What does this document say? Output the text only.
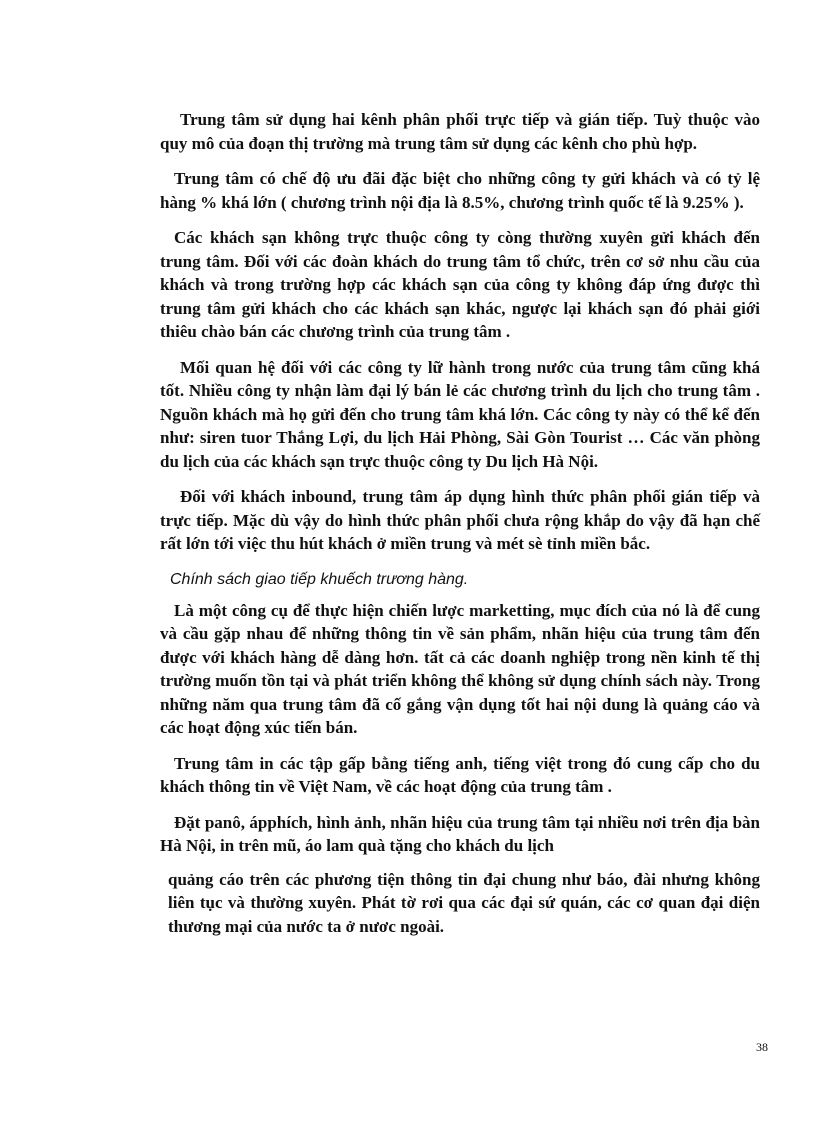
Trung tâm sử dụng hai kênh phân phối trực tiếp và gián tiếp. Tuỳ thuộc vào quy mô của đoạn thị trường mà trung tâm sử dụng các kênh cho phù hợp.

Trung tâm có chế độ ưu đãi đặc biệt cho những công ty gửi khách và có tỷ lệ hàng % khá lớn ( chương trình nội địa là 8.5%, chương trình quốc tế là 9.25% ).

Các khách sạn không trực thuộc công ty còng thường xuyên gửi khách đến trung tâm. Đối với các đoàn khách do trung tâm tổ chức, trên cơ sở nhu cầu của khách và trong trường hợp các khách sạn của công ty không đáp ứng được thì trung tâm gửi khách cho các khách sạn khác, ngược lại khách sạn đó phải giới thiêu chào bán các chương trình của trung tâm .

Mối quan hệ đối với các công ty lữ hành trong nước của trung tâm cũng khá tốt. Nhiều công ty nhận làm đại lý bán lẻ các chương trình du lịch cho trung tâm . Nguồn khách mà họ gửi đến cho trung tâm khá lớn. Các công ty này có thể kể đến như: siren tuor Thắng Lợi, du lịch Hải Phòng, Sài Gòn Tourist … Các văn phòng du lịch của các khách sạn trực thuộc công ty Du lịch Hà Nội.

Đối với khách inbound, trung tâm áp dụng hình thức phân phối gián tiếp và trực tiếp. Mặc dù vậy do hình thức phân phối chưa rộng khắp do vậy đã hạn chế rất lớn tới việc thu hút khách ở miền trung và mét sè tỉnh miền bắc.

Chính sách giao tiếp khuếch trương hàng.

Là một công cụ để thực hiện chiến lược marketting, mục đích của nó là để cung và cầu gặp nhau để những thông tin về sản phẩm, nhãn hiệu của trung tâm đến được với khách hàng dễ dàng hơn. tất cả các doanh nghiệp trong nền kinh tế thị trường muốn tồn tại và phát triển không thể không sử dụng chính sách này. Trong những năm qua trung tâm đã cố gắng vận dụng tốt hai nội dung là quảng cáo và các hoạt động xúc tiến bán.

Trung tâm in các tập gấp bằng tiếng anh, tiếng việt trong đó cung cấp cho du khách thông tin về Việt Nam, về các hoạt động của trung tâm .

Đặt panô, ápphích, hình ảnh, nhãn hiệu của trung tâm tại nhiều nơi trên địa bàn Hà Nội, in trên mũ, áo lam quà tặng cho khách du lịch

quảng cáo trên các phương tiện thông tin đại chung như báo, đài nhưng không liên tục và thường xuyên. Phát tờ rơi qua các đại sứ quán, các cơ quan đại diện thương mại của nước ta ở nươc ngoài.

38
